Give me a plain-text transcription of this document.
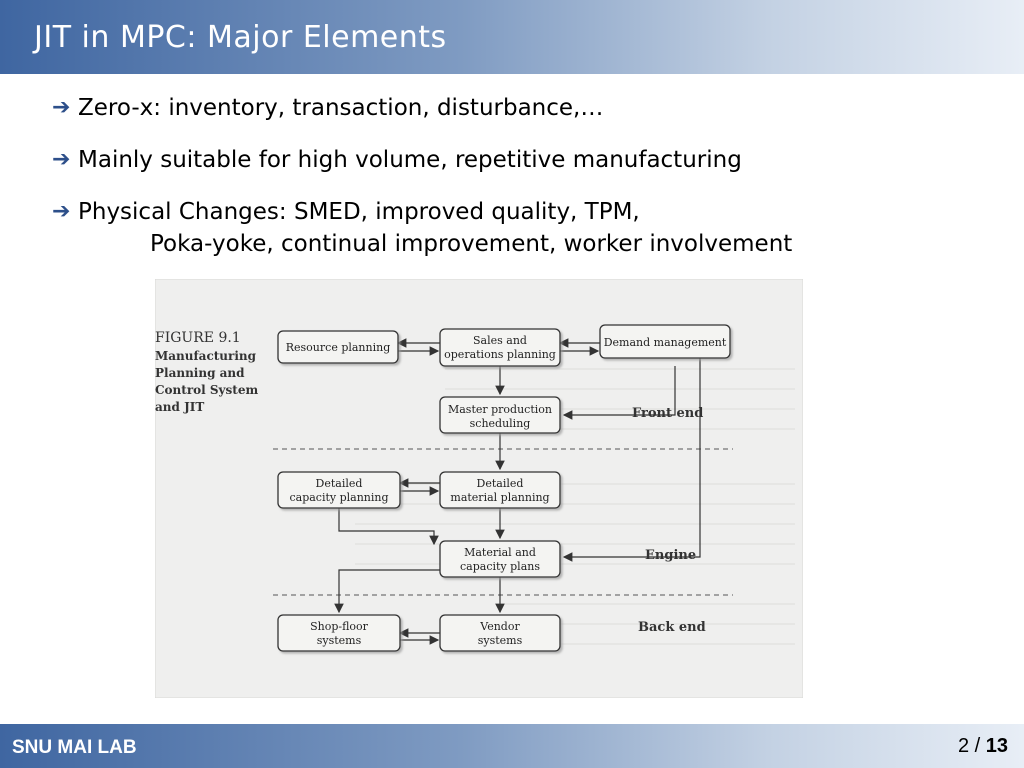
JIT in MPC: Major Elements
➔ Zero-x: inventory, transaction, disturbance,…
➔ Mainly suitable for high volume, repetitive manufacturing
➔ Physical Changes: SMED, improved quality, TPM,
Poka-yoke, continual improvement, worker involvement
FIGURE 9.1
Manufacturing
Planning and
Control System
and JIT
Resource planning
Sales and
operations planning
Demand management
Master production
scheduling
Detailed
capacity planning
Detailed
material planning
Material and
capacity plans
Shop-floor
systems
Vendor
systems
Front end
Engine
Back end
SNU MAI LAB	2 / 13
